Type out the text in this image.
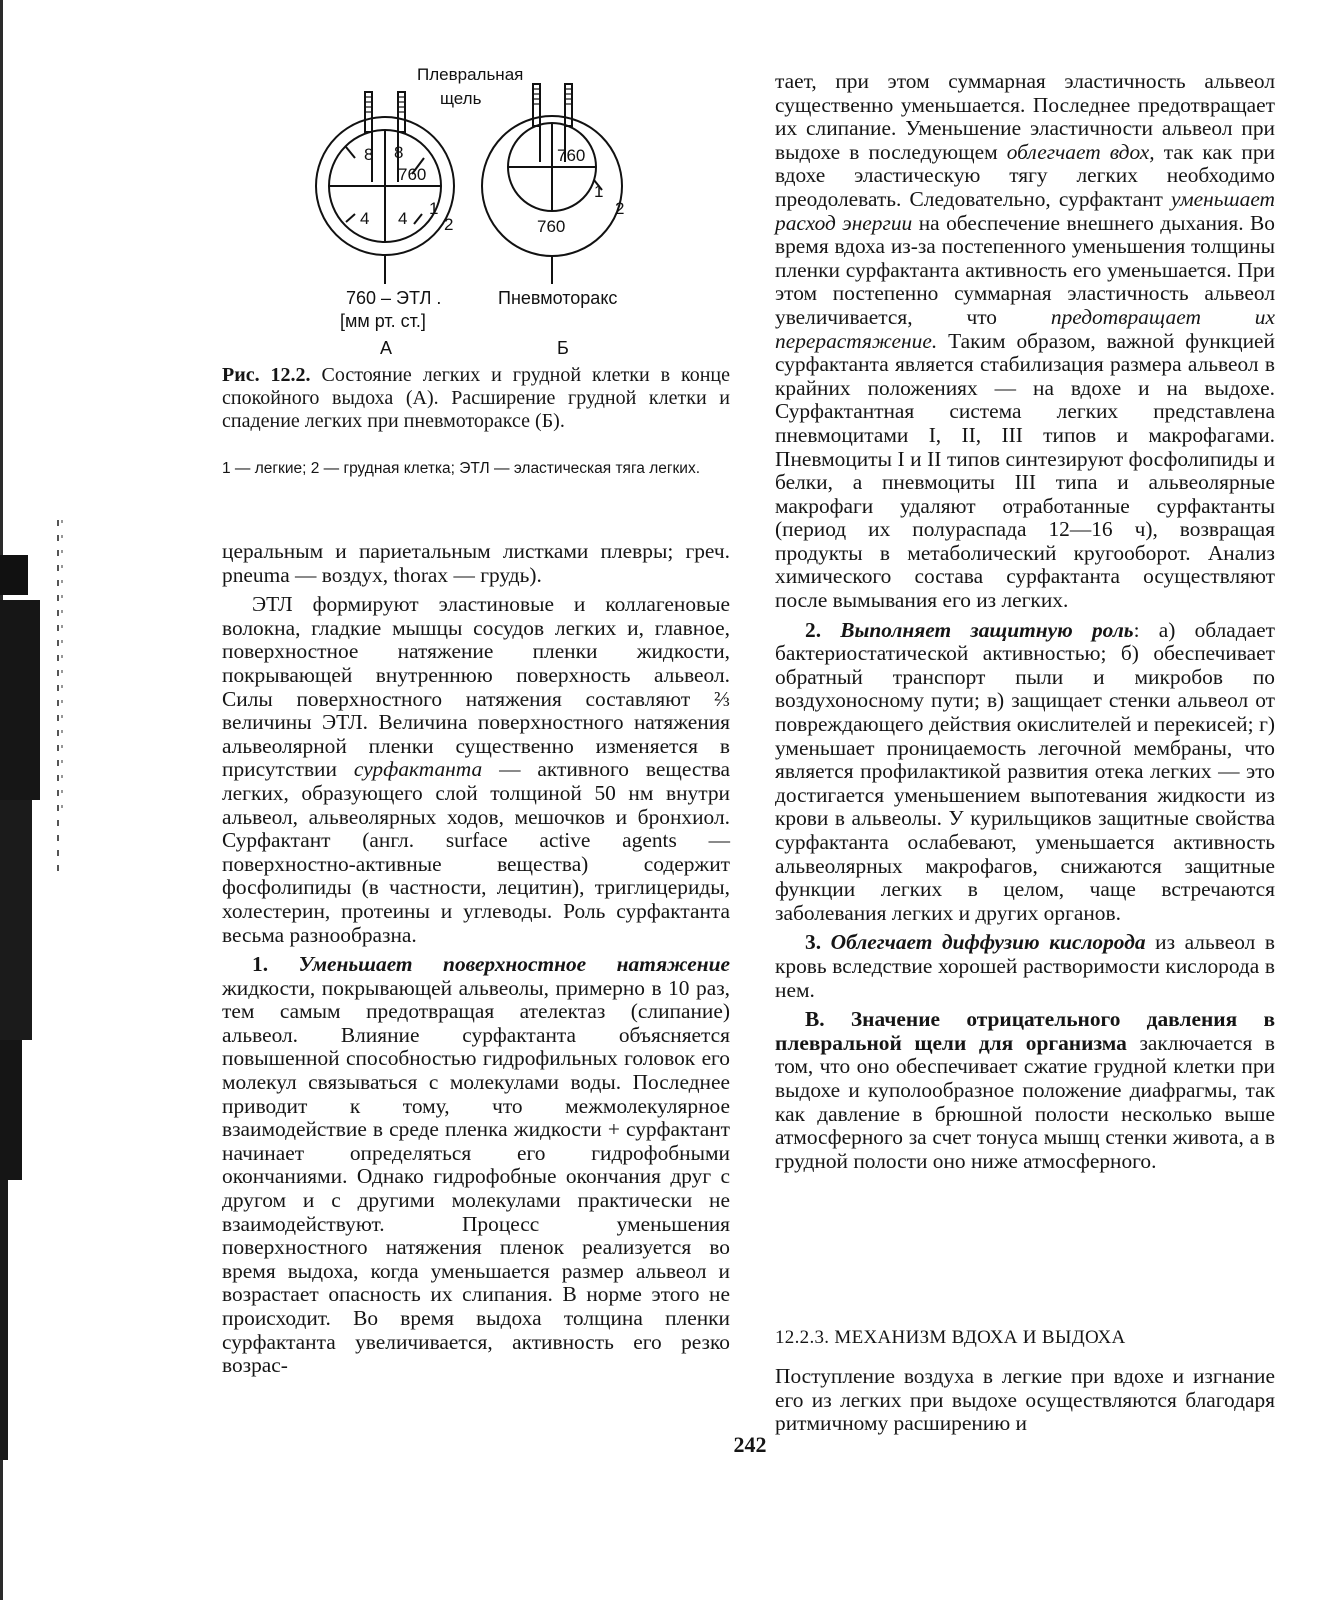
Плевральная
щель
8 8
760
4 4
1
2
760
760
1
2
760 – ЭТЛ .
[мм рт. ст.]
Пневмоторакс
А	Б

Рис. 12.2. Состояние легких и грудной клетки в конце спокойного выдоха (А). Расширение грудной клетки и спадение легких при пневмотораксе (Б).

1 — легкие; 2 — грудная клетка; ЭТЛ — эластическая тяга легких.

церальным и париетальным листками плевры; греч. pneuma — воздух, thorax — грудь).

ЭТЛ формируют эластиновые и коллагеновые волокна, гладкие мышцы сосудов легких и, главное, поверхностное натяжение пленки жидкости, покрывающей внутреннюю поверхность альвеол. Силы поверхностного натяжения составляют ⅔ величины ЭТЛ. Величина поверхностного натяжения альвеолярной пленки существенно изменяется в присутствии сурфактанта — активного вещества легких, образующего слой толщиной 50 нм внутри альвеол, альвеолярных ходов, мешочков и бронхиол. Сурфактант (англ. surface active agents — поверхностно-активные вещества) содержит фосфолипиды (в частности, лецитин), триглицериды, холестерин, протеины и углеводы. Роль сурфактанта весьма разнообразна.

1. Уменьшает поверхностное натяжение жидкости, покрывающей альвеолы, примерно в 10 раз, тем самым предотвращая ателектаз (слипание) альвеол. Влияние сурфактанта объясняется повышенной способностью гидрофильных головок его молекул связываться с молекулами воды. Последнее приводит к тому, что межмолекулярное взаимодействие в среде пленка жидкости + сурфактант начинает определяться его гидрофобными окончаниями. Однако гидрофобные окончания друг с другом и с другими молекулами практически не взаимодействуют. Процесс уменьшения поверхностного натяжения пленок реализуется во время выдоха, когда уменьшается размер альвеол и возрастает опасность их слипания. В норме этого не происходит. Во время выдоха толщина пленки сурфактанта увеличивается, активность его резко возрас-

тает, при этом суммарная эластичность альвеол существенно уменьшается. Последнее предотвращает их слипание. Уменьшение эластичности альвеол при выдохе в последующем облегчает вдох, так как при вдохе эластическую тягу легких необходимо преодолевать. Следовательно, сурфактант уменьшает расход энергии на обеспечение внешнего дыхания. Во время вдоха из-за постепенного уменьшения толщины пленки сурфактанта активность его уменьшается. При этом постепенно суммарная эластичность альвеол увеличивается, что предотвращает их перерастяжение. Таким образом, важной функцией сурфактанта является стабилизация размера альвеол в крайних положениях — на вдохе и на выдохе. Сурфактантная система легких представлена пневмоцитами I, II, III типов и макрофагами. Пневмоциты I и II типов синтезируют фосфолипиды и белки, а пневмоциты III типа и альвеолярные макрофаги удаляют отработанные сурфактанты (период их полураспада 12—16 ч), возвращая продукты в метаболический кругооборот. Анализ химического состава сурфактанта осуществляют после вымывания его из легких.

2. Выполняет защитную роль: а) обладает бактериостатической активностью; б) обеспечивает обратный транспорт пыли и микробов по воздухоносному пути; в) защищает стенки альвеол от повреждающего действия окислителей и перекисей; г) уменьшает проницаемость легочной мембраны, что является профилактикой развития отека легких — это достигается уменьшением выпотевания жидкости из крови в альвеолы. У курильщиков защитные свойства сурфактанта ослабевают, уменьшается активность альвеолярных макрофагов, снижаются защитные функции легких в целом, чаще встречаются заболевания легких и других органов.

3. Облегчает диффузию кислорода из альвеол в кровь вследствие хорошей растворимости кислорода в нем.

В. Значение отрицательного давления в плевральной щели для организма заключается в том, что оно обеспечивает сжатие грудной клетки при выдохе и куполообразное положение диафрагмы, так как давление в брюшной полости несколько выше атмосферного за счет тонуса мышц стенки живота, а в грудной полости оно ниже атмосферного.

12.2.3. МЕХАНИЗМ ВДОХА И ВЫДОХА

Поступление воздуха в легкие при вдохе и изгнание его из легких при выдохе осуществляются благодаря ритмичному расширению и

242
